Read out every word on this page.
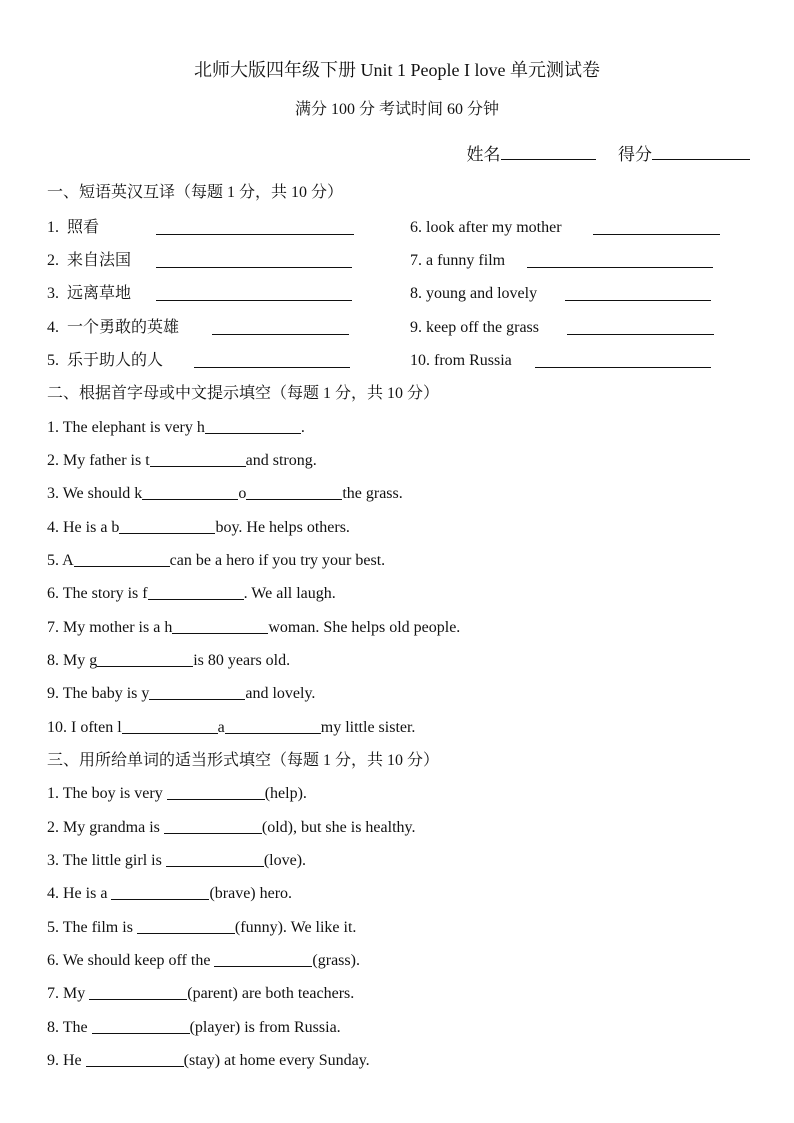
北师大版四年级下册 Unit 1 People I love 单元测试卷
满分 100 分 考试时间 60 分钟
姓名	得分
一、短语英汉互译（每题 1 分，共 10 分）
1. 照看
2. 来自法国
3. 远离草地
4. 一个勇敢的英雄
5. 乐于助人的人
6. look after my mother
7. a funny film
8. young and lovely
9. keep off the grass
10. from Russia
二、根据首字母或中文提示填空（每题 1 分，共 10 分）
1. The elephant is very h	.
2. My father is t	and strong.
3. We should k	o	the grass.
4. He is a b	boy. He helps others.
5. A	can be a hero if you try your best.
6. The story is f	. We all laugh.
7. My mother is a h	woman. She helps old people.
8. My g	is 80 years old.
9. The baby is y	and lovely.
10. I often l	a	my little sister.
三、用所给单词的适当形式填空（每题 1 分，共 10 分）
1. The boy is very	(help).
2. My grandma is	(old), but she is healthy.
3. The little girl is	(love).
4. He is a	(brave) hero.
5. The film is	(funny). We like it.
6. We should keep off the	(grass).
7. My	(parent) are both teachers.
8. The	(player) is from Russia.
9. He	(stay) at home every Sunday.
